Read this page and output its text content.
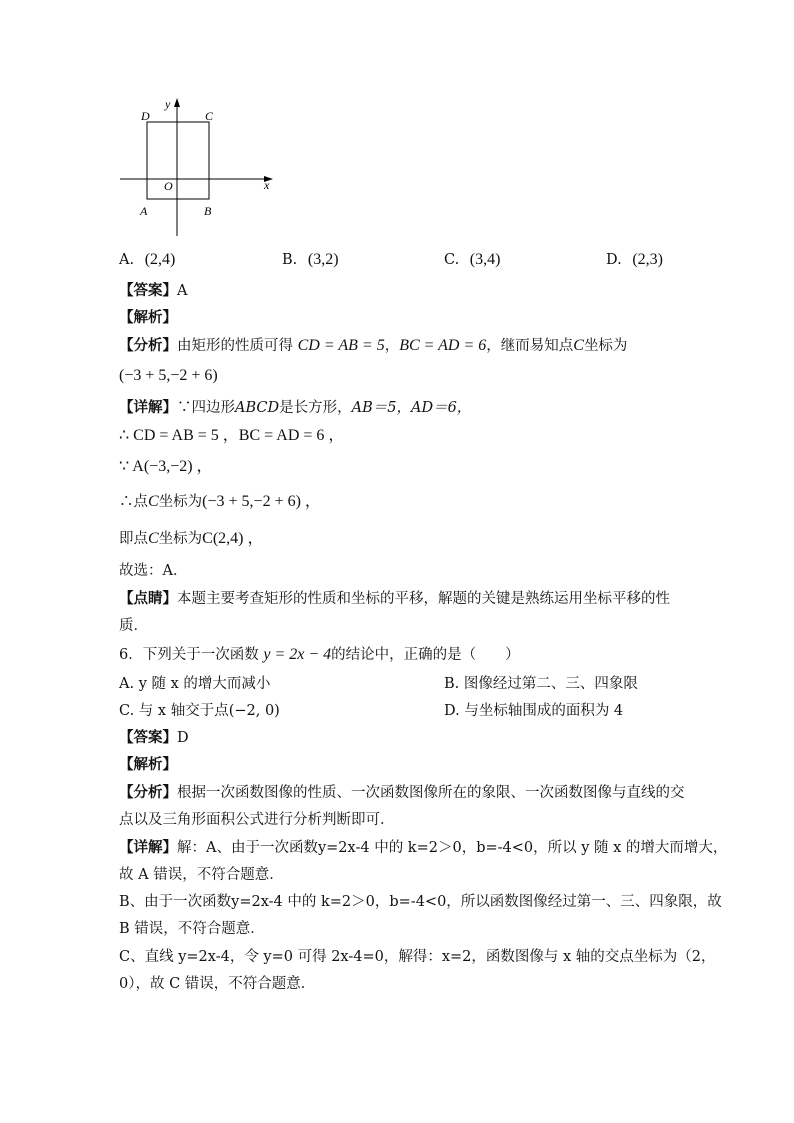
D	C
A	B
O	x
y
A. (2,4)	B. (3,2)	C. (3,4)	D. (2,3)
【答案】A
【解析】
【分析】由矩形的性质可得 CD = AB = 5，BC = AD = 6，继而易知点C坐标为
(−3 + 5,−2 + 6)
【详解】∵四边形ABCD是长方形，AB＝5，AD＝6，
∴ CD = AB = 5 ，BC = AD = 6 ，
∵ A(−3,−2) ，
∴点C坐标为(−3 + 5,−2 + 6) ，
即点C坐标为C(2,4) ，
故选：A．
【点睛】本题主要考查矩形的性质和坐标的平移，解题的关键是熟练运用坐标平移的性
质．
6．下列关于一次函数 y = 2x − 4的结论中，正确的是（　　）
A. y 随 x 的增大而减小	B. 图像经过第二、三、四象限
C. 与 x 轴交于点(−2, 0)	D. 与坐标轴围成的面积为 4
【答案】D
【解析】
【分析】根据一次函数图像的性质、一次函数图像所在的象限、一次函数图像与直线的交
点以及三角形面积公式进行分析判断即可．
【详解】解：A、由于一次函数y=2x-4 中的 k=2＞0，b=-4<0，所以 y 随 x 的增大而增大，
故 A 错误，不符合题意．
B、由于一次函数y=2x-4 中的 k=2＞0，b=-4<0，所以函数图像经过第一、三、四象限，故
B 错误，不符合题意．
C、直线 y=2x-4，令 y=0 可得 2x-4=0，解得：x=2，函数图像与 x 轴的交点坐标为（2，
0），故 C 错误，不符合题意．
